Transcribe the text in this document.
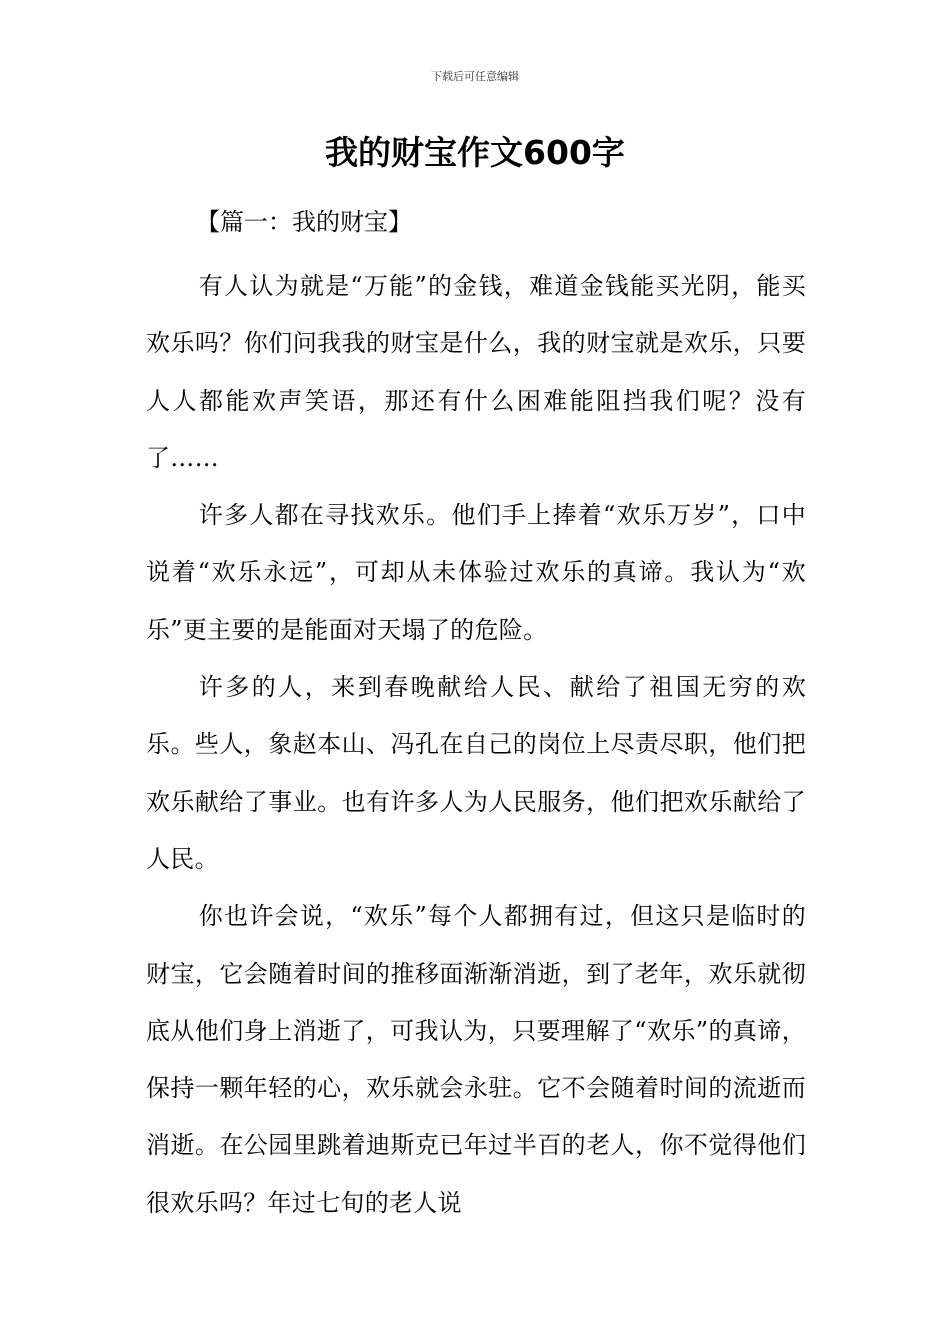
下载后可任意编辑
我的财宝作文600字
【篇一：我的财宝】

有人认为就是“万能”的金钱，难道金钱能买光阴，能买欢乐吗？你们问我我的财宝是什么，我的财宝就是欢乐，只要人人都能欢声笑语，那还有什么困难能阻挡我们呢？没有了……

许多人都在寻找欢乐。他们手上捧着“欢乐万岁”，口中说着“欢乐永远”，可却从未体验过欢乐的真谛。我认为“欢乐”更主要的是能面对天塌了的危险。

许多的人，来到春晚献给人民、献给了祖国无穷的欢乐。些人，象赵本山、冯孔在自己的岗位上尽责尽职，他们把欢乐献给了事业。也有许多人为人民服务，他们把欢乐献给了人民。

你也许会说，“欢乐”每个人都拥有过，但这只是临时的财宝，它会随着时间的推移面渐渐消逝，到了老年，欢乐就彻底从他们身上消逝了，可我认为，只要理解了“欢乐”的真谛，保持一颗年轻的心，欢乐就会永驻。它不会随着时间的流逝而消逝。在公园里跳着迪斯克已年过半百的老人，你不觉得他们很欢乐吗？年过七旬的老人说
